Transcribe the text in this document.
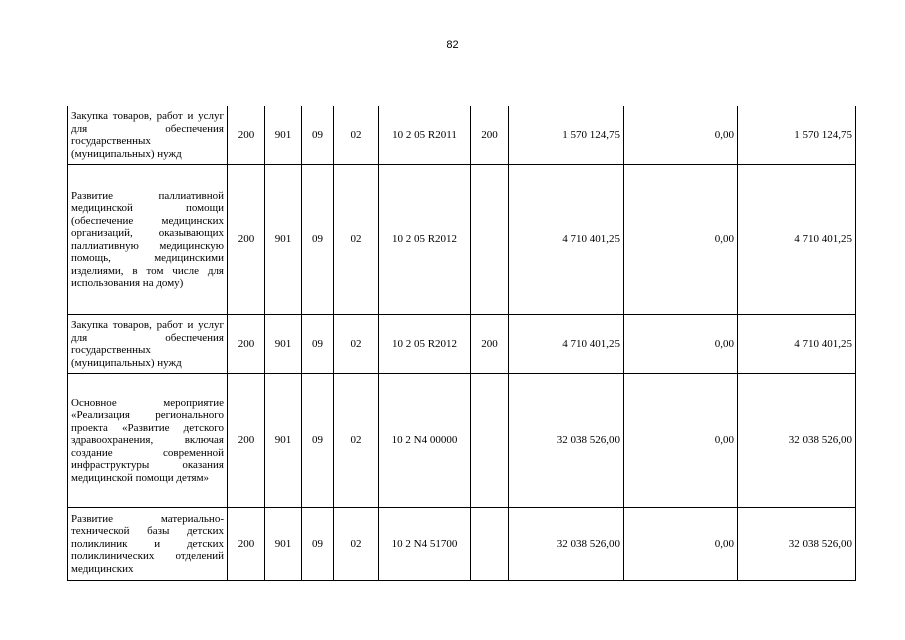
82
Закупка товаров, работ и услуг для обеспечения государственных (муниципальных) нужд	200	901	09	02	10 2 05 R2011	200	1 570 124,75	0,00	1 570 124,75
Развитие паллиативной медицинской помощи (обеспечение медицинских организаций, оказывающих паллиативную медицинскую помощь, медицинскими изделиями, в том числе для использования на дому)	200	901	09	02	10 2 05 R2012		4 710 401,25	0,00	4 710 401,25
Закупка товаров, работ и услуг для обеспечения государственных (муниципальных) нужд	200	901	09	02	10 2 05 R2012	200	4 710 401,25	0,00	4 710 401,25
Основное мероприятие «Реализация регионального проекта «Развитие детского здравоохранения, включая создание современной инфраструктуры оказания медицинской помощи детям»	200	901	09	02	10 2 N4 00000		32 038 526,00	0,00	32 038 526,00
Развитие материально-технической базы детских поликлиник и детских поликлинических отделений медицинских	200	901	09	02	10 2 N4 51700		32 038 526,00	0,00	32 038 526,00
